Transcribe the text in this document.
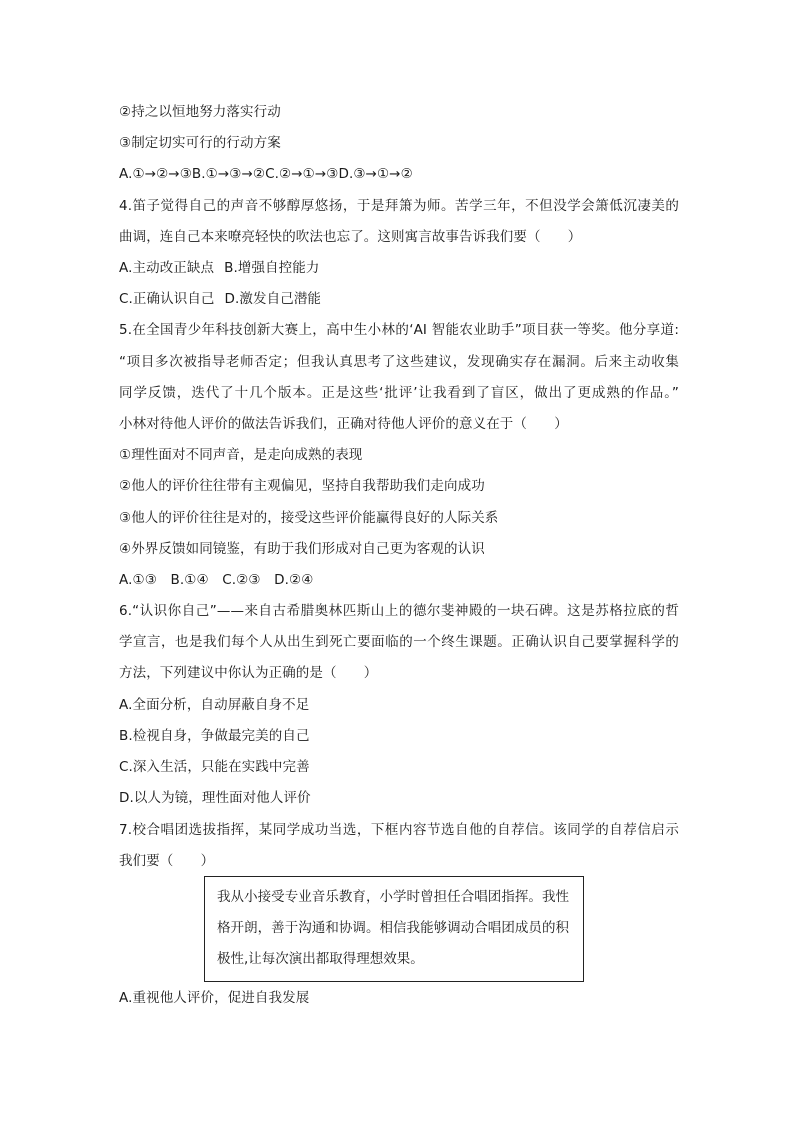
②持之以恒地努力落实行动
③制定切实可行的行动方案
A.①→②→③B.①→③→②C.②→①→③D.③→①→②
4.笛子觉得自己的声音不够醇厚悠扬，于是拜箫为师。苦学三年，不但没学会箫低沉凄美的
曲调，连自己本来嘹亮轻快的吹法也忘了。这则寓言故事告诉我们要（　　）
A.主动改正缺点 B.增强自控能力
C.正确认识自己 D.激发自己潜能
5.在全国青少年科技创新大赛上，高中生小林的‘AI 智能农业助手”项目获一等奖。他分享道:
“项目多次被指导老师否定；但我认真思考了这些建议，发现确实存在漏洞。后来主动收集
同学反馈，迭代了十几个版本。正是这些‘批评’让我看到了盲区，做出了更成熟的作品。”
小林对待他人评价的做法告诉我们，正确对待他人评价的意义在于（　　）
①理性面对不同声音，是走向成熟的表现
②他人的评价往往带有主观偏见，坚持自我帮助我们走向成功
③他人的评价往往是对的，接受这些评价能赢得良好的人际关系
④外界反馈如同镜鉴，有助于我们形成对自己更为客观的认识
A.①③　B.①④　C.②③　D.②④
6.“认识你自己”——来自古希腊奥林匹斯山上的德尔斐神殿的一块石碑。这是苏格拉底的哲
学宣言，也是我们每个人从出生到死亡要面临的一个终生课题。正确认识自己要掌握科学的
方法，下列建议中你认为正确的是（　　）
A.全面分析，自动屏蔽自身不足
B.检视自身，争做最完美的自己
C.深入生活，只能在实践中完善
D.以人为镜，理性面对他人评价
7.校合唱团选拔指挥，某同学成功当选，下框内容节选自他的自荐信。该同学的自荐信启示
我们要（　　）
我从小接受专业音乐教育，小学时曾担任合唱团指挥。我性
格开朗，善于沟通和协调。相信我能够调动合唱团成员的积
极性,让每次演出都取得理想效果。
A.重视他人评价，促进自我发展
